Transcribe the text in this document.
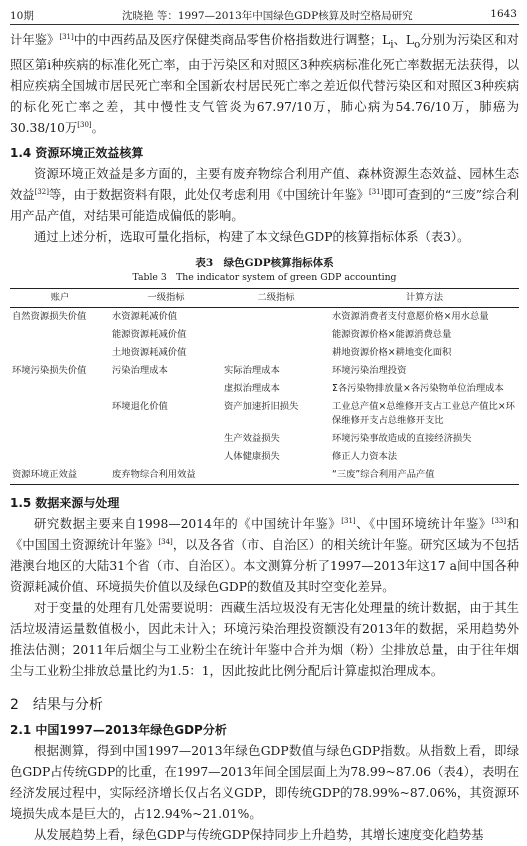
10期	沈晓艳 等：1997—2013年中国绿色GDP核算及时空格局研究	1643

计年鉴》[31]中的中西药品及医疗保健类商品零售价格指数进行调整；$L_i$、$L_o$分别为污染区和对照区第i种疾病的标准化死亡率，由于污染区和对照区3种疾病标准化死亡率数据无法获得，以相应疾病全国城市居民死亡率和全国新农村居民死亡率之差近似代替污染区和对照区3种疾病的标化死亡率之差，其中慢性支气管炎为67.97/10万，肺心病为54.76/10万，肺癌为30.38/10万[30]。

1.4 资源环境正效益核算

资源环境正效益是多方面的，主要有废弃物综合利用产值、森林资源生态效益、园林生态效益[32]等，由于数据资料有限，此处仅考虑利用《中国统计年鉴》[31]即可查到的“三废”综合利用产品产值，对结果可能造成偏低的影响。

通过上述分析，选取可量化指标，构建了本文绿色GDP的核算指标体系（表3）。

表3　绿色GDP核算指标体系
Table 3　The indicator system of green GDP accounting
账户	一级指标	二级指标	计算方法
自然资源损失价值	水资源耗减价值		水资源消费者支付意愿价格×用水总量
	能源资源耗减价值		能源资源价格×能源消费总量
	土地资源耗减价值		耕地资源价格×耕地变化面积
环境污染损失价值	污染治理成本	实际治理成本	环境污染治理投资
		虚拟治理成本	Σ各污染物排放量×各污染物单位治理成本
	环境退化价值	资产加速折旧损失	工业总产值×总维修开支占工业总产值比×环保维修开支占总维修开支比
		生产效益损失	环境污染事故造成的直接经济损失
		人体健康损失	修正人力资本法
资源环境正效益	废弃物综合利用效益		“三废”综合利用产品产值
1.5 数据来源与处理

研究数据主要来自1998—2014年的《中国统计年鉴》[31]、《中国环境统计年鉴》[33]和《中国国土资源统计年鉴》[34]，以及各省（市、自治区）的相关统计年鉴。研究区域为不包括港澳台地区的大陆31个省（市、自治区）。本文测算分析了1997—2013年这17 a间中国各种资源耗减价值、环境损失价值以及绿色GDP的数值及其时空变化差异。

对于变量的处理有几处需要说明：西藏生活垃圾没有无害化处理量的统计数据，由于其生活垃圾清运量数值极小，因此未计入；环境污染治理投资额没有2013年的数据，采用趋势外推法估测；2011年后烟尘与工业粉尘在统计年鉴中合并为烟（粉）尘排放总量，由于往年烟尘与工业粉尘排放总量比约为1.5：1，因此按此比例分配后计算虚拟治理成本。

2　结果与分析
2.1 中国1997—2013年绿色GDP分析

根据测算，得到中国1997—2013年绿色GDP数值与绿色GDP指数。从指数上看，即绿色GDP占传统GDP的比重，在1997—2013年间全国层面上为78.99~87.06（表4），表明在经济发展过程中，实际经济增长仅占名义GDP，即传统GDP的78.99%~87.06%，其资源环境损失成本是巨大的，占12.94%~21.01%。

从发展趋势上看，绿色GDP与传统GDP保持同步上升趋势，其增长速度变化趋势基
